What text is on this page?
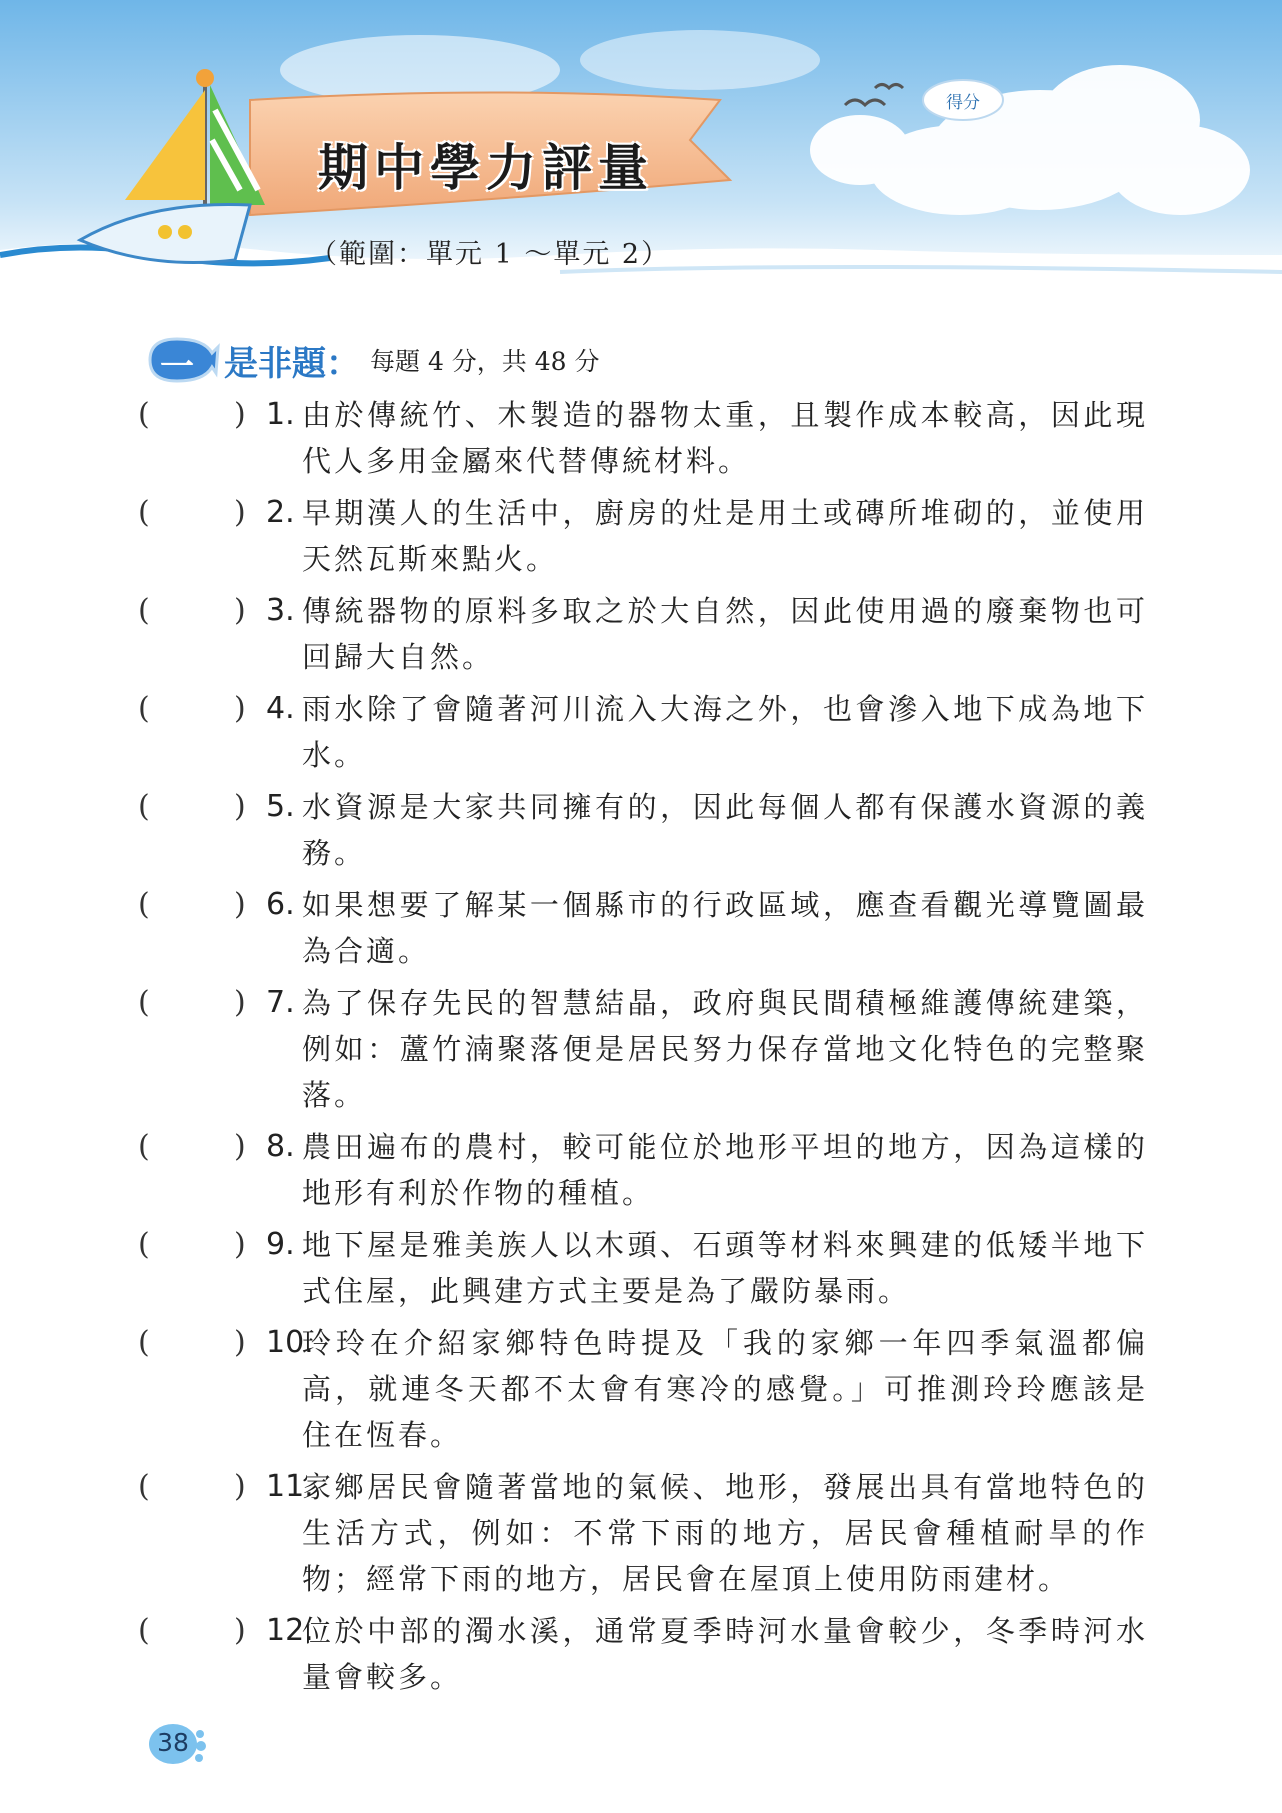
期中學力評量
（範圍：單元 1 ～單元 2）
得分
一 是非題： 每題 4 分，共 48 分
(	) 1. 由於傳統竹、木製造的器物太重，且製作成本較高，因此現代人多用金屬來代替傳統材料。
(	) 2. 早期漢人的生活中，廚房的灶是用土或磚所堆砌的，並使用天然瓦斯來點火。
(	) 3. 傳統器物的原料多取之於大自然，因此使用過的廢棄物也可回歸大自然。
(	) 4. 雨水除了會隨著河川流入大海之外，也會滲入地下成為地下水。
(	) 5. 水資源是大家共同擁有的，因此每個人都有保護水資源的義務。
(	) 6. 如果想要了解某一個縣市的行政區域，應查看觀光導覽圖最為合適。
(	) 7. 為了保存先民的智慧結晶，政府與民間積極維護傳統建築，例如：蘆竹湳聚落便是居民努力保存當地文化特色的完整聚落。
(	) 8. 農田遍布的農村，較可能位於地形平坦的地方，因為這樣的地形有利於作物的種植。
(	) 9. 地下屋是雅美族人以木頭、石頭等材料來興建的低矮半地下式住屋，此興建方式主要是為了嚴防暴雨。
(	) 10.
玲玲在介紹家鄉特色時提及「我的家鄉一年四季氣溫都偏高，就連冬天都不太會有寒冷的感覺。」可推測玲玲應該是住在恆春。
(	) 11.
家鄉居民會隨著當地的氣候、地形，發展出具有當地特色的生活方式，例如：不常下雨的地方，居民會種植耐旱的作物；經常下雨的地方，居民會在屋頂上使用防雨建材。
(	) 12.
位於中部的濁水溪，通常夏季時河水量會較少，冬季時河水量會較多。
38
